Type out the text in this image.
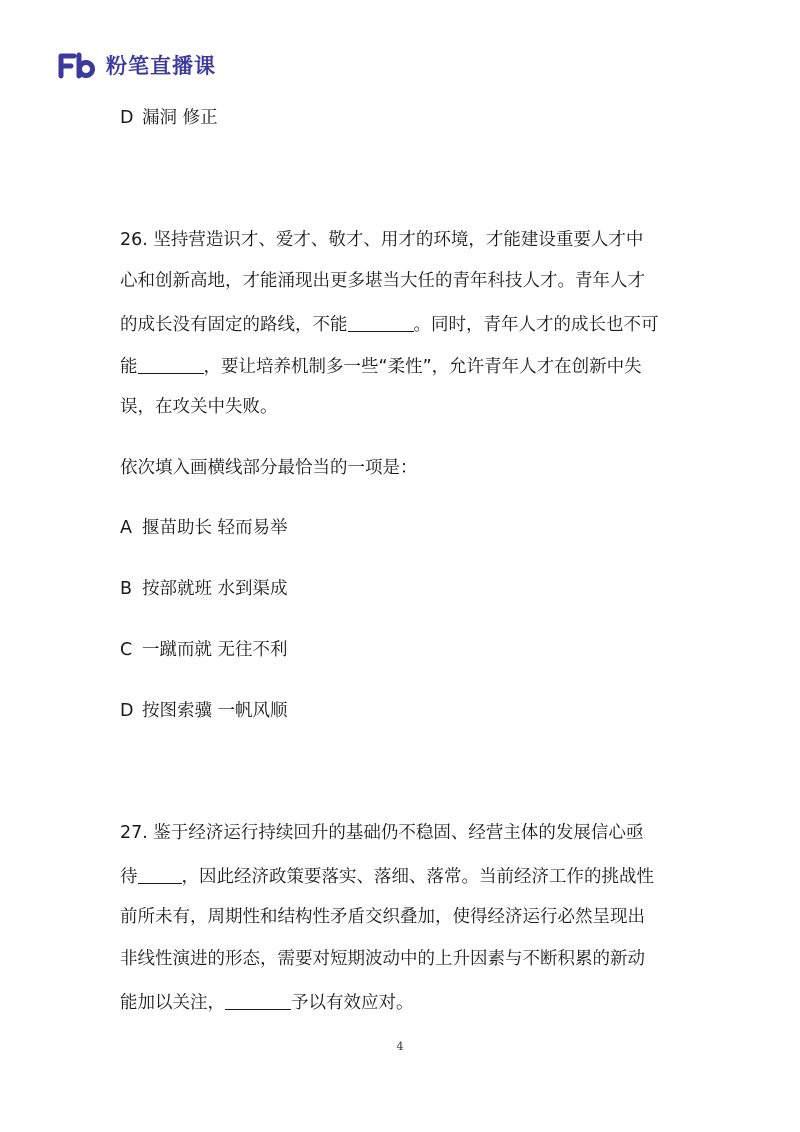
粉笔直播课
D 漏洞 修正
26. 坚持营造识才、爱才、敬才、用才的环境，才能建设重要人才中
心和创新高地，才能涌现出更多堪当大任的青年科技人才。青年人才
的成长没有固定的路线，不能	。同时，青年人才的成长也不可
能	，要让培养机制多一些“柔性”，允许青年人才在创新中失
误，在攻关中失败。
依次填入画横线部分最恰当的一项是：
A 揠苗助长 轻而易举
B 按部就班 水到渠成
C 一蹴而就 无往不利
D 按图索骥 一帆风顺
27. 鉴于经济运行持续回升的基础仍不稳固、经营主体的发展信心亟
待	，因此经济政策要落实、落细、落常。当前经济工作的挑战性
前所未有，周期性和结构性矛盾交织叠加，使得经济运行必然呈现出
非线性演进的形态，需要对短期波动中的上升因素与不断积累的新动
能加以关注，	予以有效应对。
4
